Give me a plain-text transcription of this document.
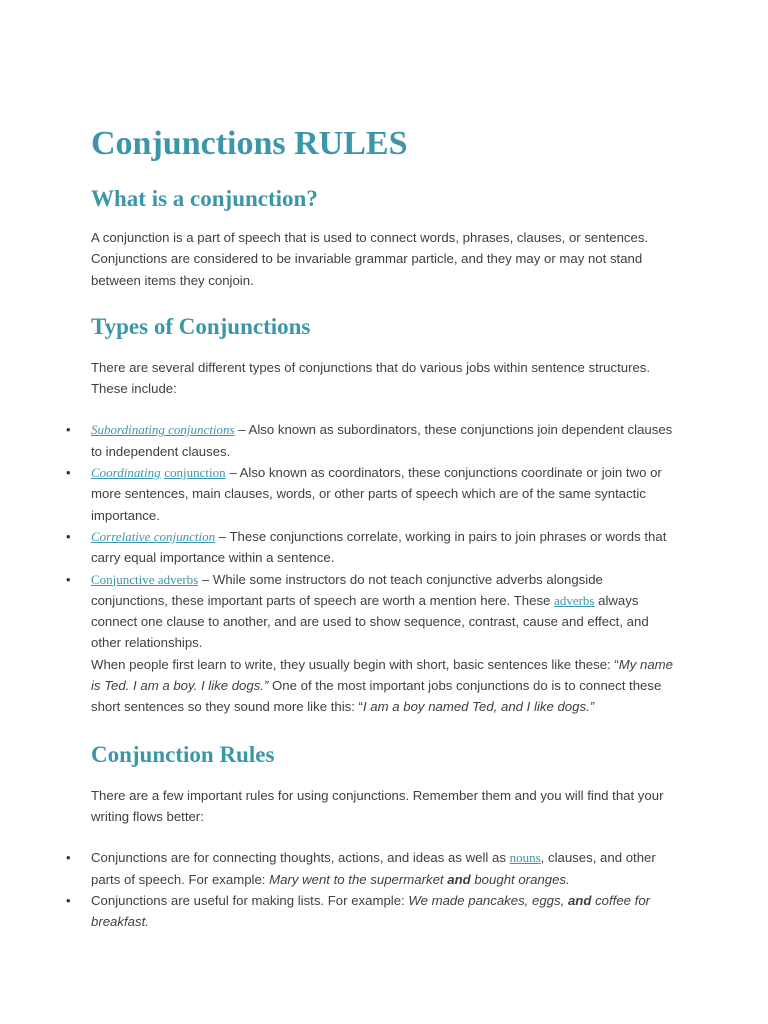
Conjunctions RULES
What is a conjunction?

A conjunction is a part of speech that is used to connect words, phrases, clauses, or sentences. Conjunctions are considered to be invariable grammar particle, and they may or may not stand between items they conjoin.

Types of Conjunctions

There are several different types of conjunctions that do various jobs within sentence structures. These include:

• Subordinating conjunctions – Also known as subordinators, these conjunctions join dependent clauses to independent clauses.
• Coordinating conjunction – Also known as coordinators, these conjunctions coordinate or join two or more sentences, main clauses, words, or other parts of speech which are of the same syntactic importance.
• Correlative conjunction – These conjunctions correlate, working in pairs to join phrases or words that carry equal importance within a sentence.
• Conjunctive adverbs – While some instructors do not teach conjunctive adverbs alongside conjunctions, these important parts of speech are worth a mention here. These adverbs always connect one clause to another, and are used to show sequence, contrast, cause and effect, and other relationships.
When people first learn to write, they usually begin with short, basic sentences like these: “My name is Ted. I am a boy. I like dogs.” One of the most important jobs conjunctions do is to connect these short sentences so they sound more like this: “I am a boy named Ted, and I like dogs.”
Conjunction Rules

There are a few important rules for using conjunctions. Remember them and you will find that your writing flows better:

• Conjunctions are for connecting thoughts, actions, and ideas as well as nouns, clauses, and other parts of speech. For example: Mary went to the supermarket and bought oranges.
• Conjunctions are useful for making lists. For example: We made pancakes, eggs, and coffee for breakfast.
